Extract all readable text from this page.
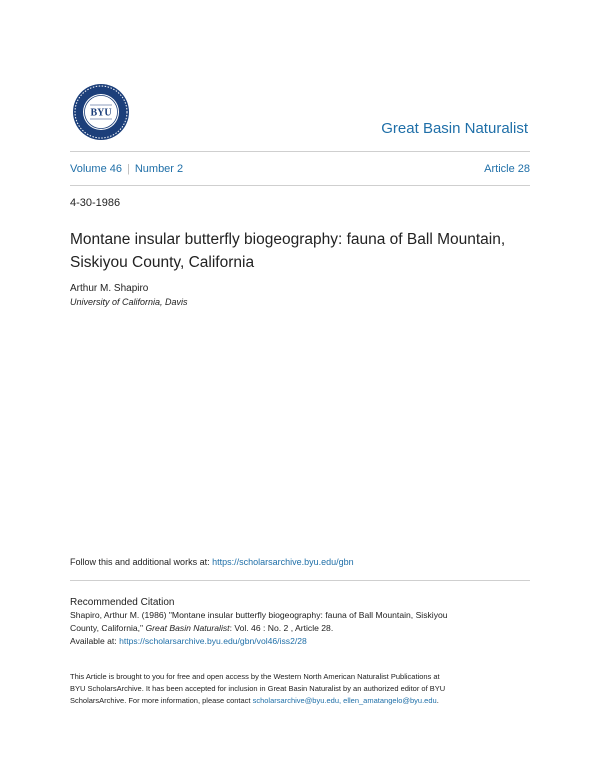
BYU
Great Basin Naturalist
Volume 46 | Number 2	Article 28
4-30-1986
Montane insular butterfly biogeography: fauna of Ball Mountain,
Siskiyou County, California
Arthur M. Shapiro
University of California, Davis
Follow this and additional works at: https://scholarsarchive.byu.edu/gbn
Recommended Citation
Shapiro, Arthur M. (1986) "Montane insular butterfly biogeography: fauna of Ball Mountain, Siskiyou
County, California," Great Basin Naturalist: Vol. 46 : No. 2 , Article 28.
Available at: https://scholarsarchive.byu.edu/gbn/vol46/iss2/28
This Article is brought to you for free and open access by the Western North American Naturalist Publications at
BYU ScholarsArchive. It has been accepted for inclusion in Great Basin Naturalist by an authorized editor of BYU
ScholarsArchive. For more information, please contact scholarsarchive@byu.edu, ellen_amatangelo@byu.edu.
